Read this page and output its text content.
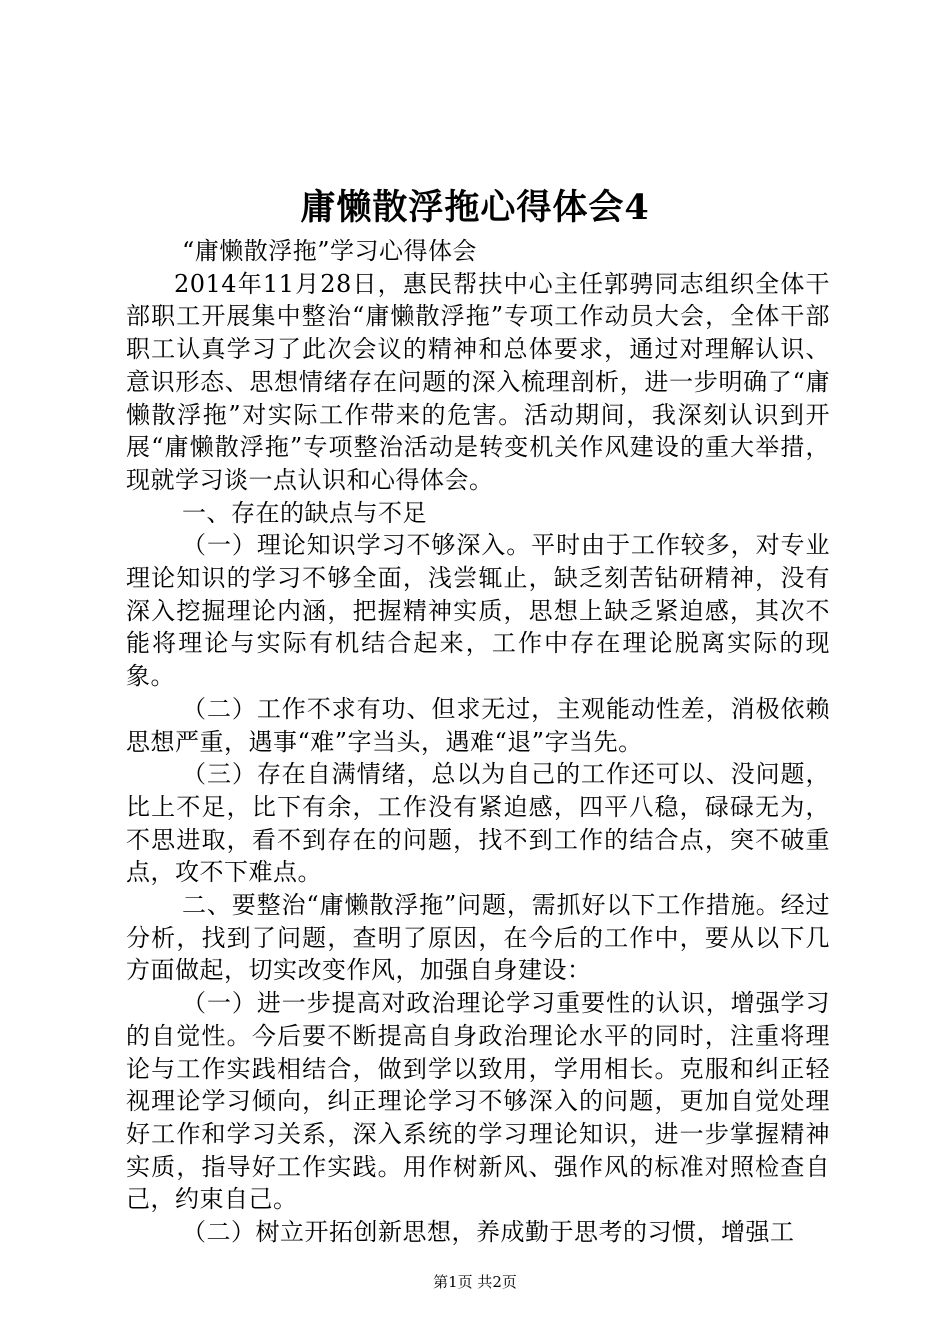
庸懒散浮拖心得体会4

“庸懒散浮拖”学习心得体会

2014年11月28日，惠民帮扶中心主任郭骋同志组织全体干部职工开展集中整治“庸懒散浮拖”专项工作动员大会，全体干部职工认真学习了此次会议的精神和总体要求，通过对理解认识、意识形态、思想情绪存在问题的深入梳理剖析，进一步明确了“庸懒散浮拖”对实际工作带来的危害。活动期间，我深刻认识到开展“庸懒散浮拖”专项整治活动是转变机关作风建设的重大举措，现就学习谈一点认识和心得体会。

一、存在的缺点与不足

（一）理论知识学习不够深入。平时由于工作较多，对专业理论知识的学习不够全面，浅尝辄止，缺乏刻苦钻研精神，没有深入挖掘理论内涵，把握精神实质，思想上缺乏紧迫感，其次不能将理论与实际有机结合起来，工作中存在理论脱离实际的现象。

（二）工作不求有功、但求无过，主观能动性差，消极依赖思想严重，遇事“难”字当头，遇难“退”字当先。

（三）存在自满情绪，总以为自己的工作还可以、没问题，比上不足，比下有余，工作没有紧迫感，四平八稳，碌碌无为，不思进取，看不到存在的问题，找不到工作的结合点，突不破重点，攻不下难点。

二、要整治“庸懒散浮拖”问题，需抓好以下工作措施。经过分析，找到了问题，查明了原因，在今后的工作中，要从以下几方面做起，切实改变作风，加强自身建设：

（一）进一步提高对政治理论学习重要性的认识，增强学习的自觉性。今后要不断提高自身政治理论水平的同时，注重将理论与工作实践相结合，做到学以致用，学用相长。克服和纠正轻视理论学习倾向，纠正理论学习不够深入的问题，更加自觉处理好工作和学习关系，深入系统的学习理论知识，进一步掌握精神实质，指导好工作实践。用作树新风、强作风的标准对照检查自己，约束自己。

（二）树立开拓创新思想，养成勤于思考的习惯，增强工

第1页 共2页
